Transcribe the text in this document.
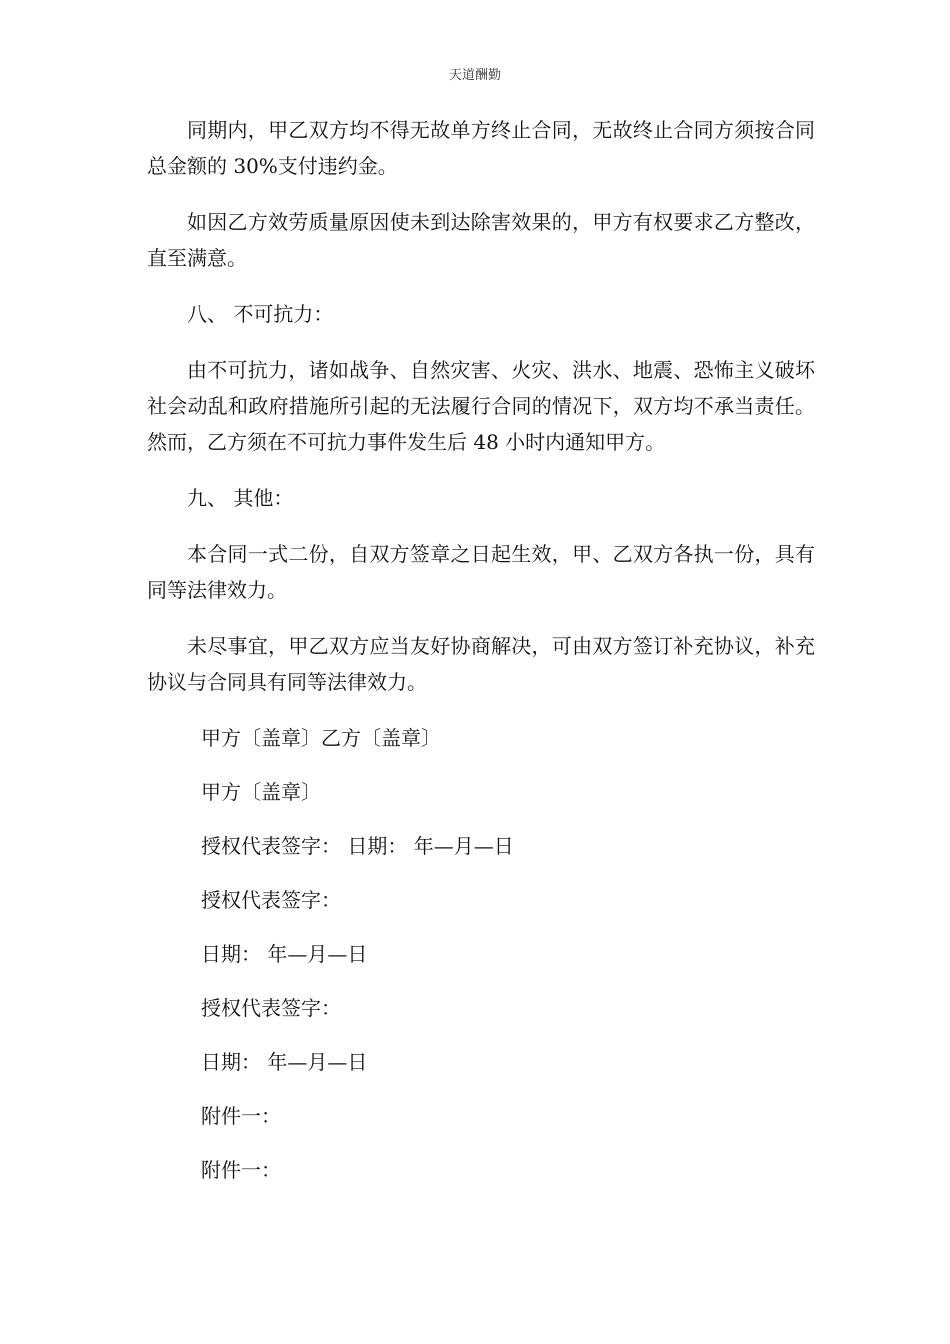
天道酬勤

同期内，甲乙双方均不得无故单方终止合同，无故终止合同方须按合同总金额的 30%支付违约金。

如因乙方效劳质量原因使未到达除害效果的，甲方有权要求乙方整改，直至满意。

八、 不可抗力：

由不可抗力，诸如战争、自然灾害、火灾、洪水、地震、恐怖主义破坏社会动乱和政府措施所引起的无法履行合同的情况下，双方均不承当责任。然而，乙方须在不可抗力事件发生后 48 小时内通知甲方。

九、 其他：

本合同一式二份，自双方签章之日起生效，甲、乙双方各执一份，具有同等法律效力。

未尽事宜，甲乙双方应当友好协商解决，可由双方签订补充协议，补充协议与合同具有同等法律效力。

甲方〔盖章〕乙方〔盖章〕

甲方〔盖章〕

授权代表签字： 日期： 年—月—日

授权代表签字：

日期： 年—月—日

授权代表签字：

日期： 年—月—日

附件一：

附件一：
